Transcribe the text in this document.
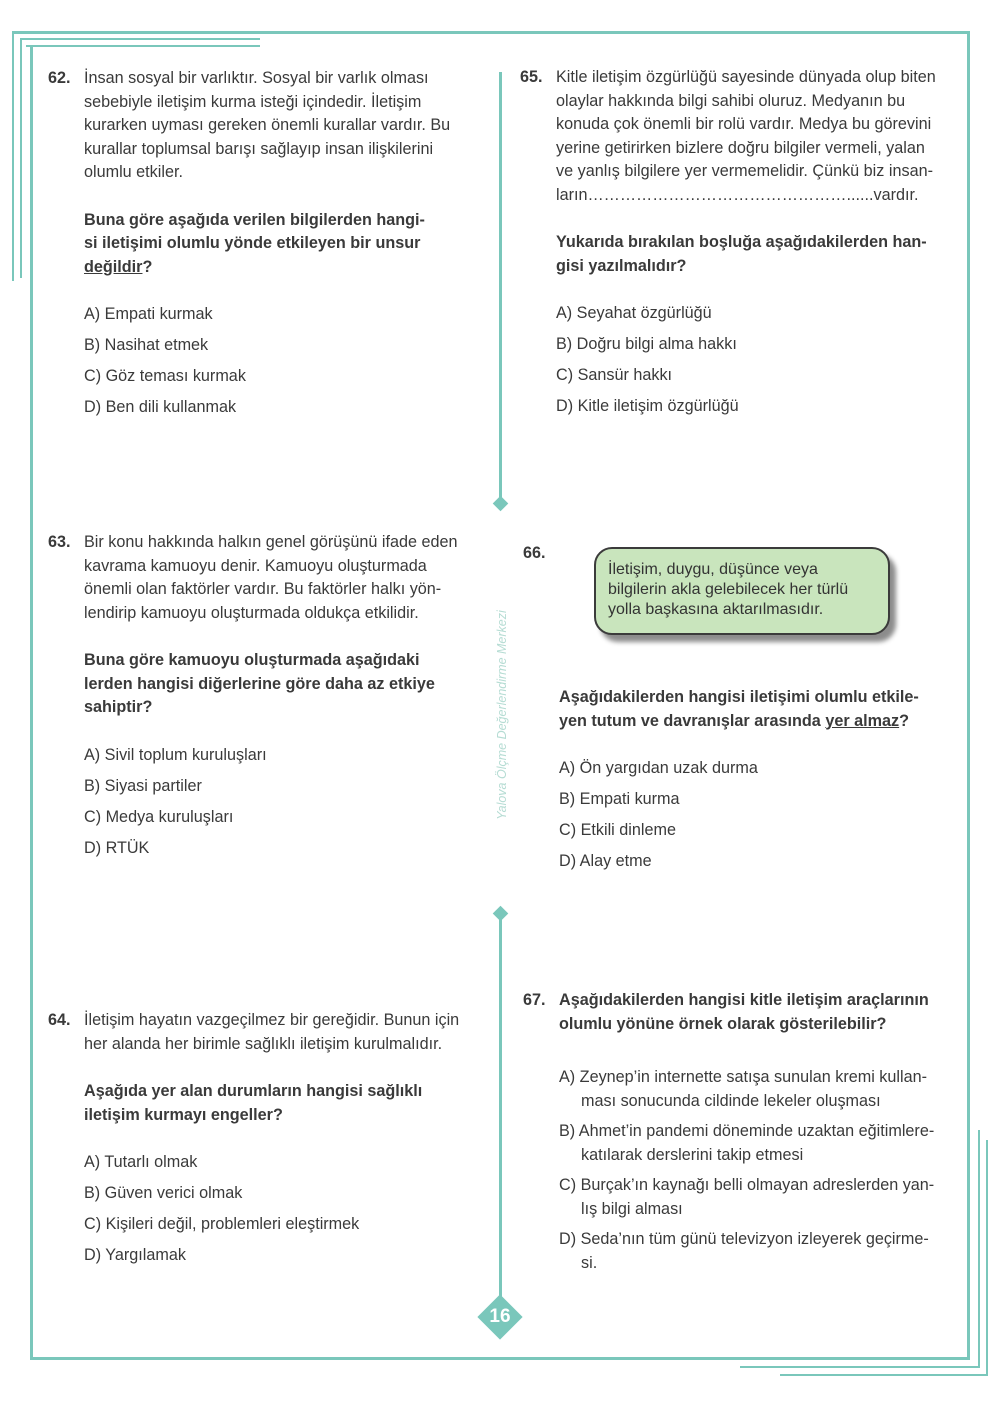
Yalova Ölçme Değerlendirme Merkezi
62. İnsan sosyal bir varlıktır. Sosyal bir varlık olması

sebebiyle iletişim kurma isteği içindedir. İletişim

kurarken uyması gereken önemli kurallar vardır. Bu

kurallar toplumsal barışı sağlayıp insan ilişkilerini

olumlu etkiler.

Buna göre aşağıda verilen bilgilerden hangi-

si iletişimi olumlu yönde etkileyen bir unsur

değildir?

A) Empati kurmak

B) Nasihat etmek

C) Göz teması kurmak

D) Ben dili kullanmak

63. Bir konu hakkında halkın genel görüşünü ifade eden

kavrama kamuoyu denir. Kamuoyu oluşturmada

önemli olan faktörler vardır. Bu faktörler halkı yön-

lendirip kamuoyu oluşturmada oldukça etkilidir.

Buna göre kamuoyu oluşturmada aşağıdaki

lerden hangisi diğerlerine göre daha az etkiye

sahiptir?

A) Sivil toplum kuruluşları

B) Siyasi partiler

C) Medya kuruluşları

D) RTÜK

64. İletişim hayatın vazgeçilmez bir gereğidir. Bunun için

her alanda her birimle sağlıklı iletişim kurulmalıdır.

Aşağıda yer alan durumların hangisi sağlıklı

iletişim kurmayı engeller?

A) Tutarlı olmak

B) Güven verici olmak

C) Kişileri değil, problemleri eleştirmek

D) Yargılamak

65. Kitle iletişim özgürlüğü sayesinde dünyada olup biten

olaylar hakkında bilgi sahibi oluruz. Medyanın bu

konuda çok önemli bir rolü vardır. Medya bu görevini

yerine getirirken bizlere doğru bilgiler vermeli, yalan

ve yanlış bilgilere yer vermemelidir. Çünkü biz insan-

ların…………………………………………......vardır.

Yukarıda bırakılan boşluğa aşağıdakilerden han-

gisi yazılmalıdır?

A) Seyahat özgürlüğü

B) Doğru bilgi alma hakkı

C) Sansür hakkı

D) Kitle iletişim özgürlüğü

66.
İletişim, duygu, düşünce veya
bilgilerin akla gelebilecek her türlü
yolla başkasına aktarılmasıdır.

Aşağıdakilerden hangisi iletişimi olumlu etkile-

yen tutum ve davranışlar arasında yer almaz?

A) Ön yargıdan uzak durma

B) Empati kurma

C) Etkili dinleme

D) Alay etme

67. Aşağıdakilerden hangisi kitle iletişim araçlarının

olumlu yönüne örnek olarak gösterilebilir?

A) Zeynep’in internette satışa sunulan kremi kullan-
ması sonucunda cildinde lekeler oluşması
B) Ahmet’in pandemi döneminde uzaktan eğitimlere-
katılarak derslerini takip etmesi
C) Burçak’ın kaynağı belli olmayan adreslerden yan-
lış bilgi alması
D) Seda’nın tüm günü televizyon izleyerek geçirme-
si.
16
